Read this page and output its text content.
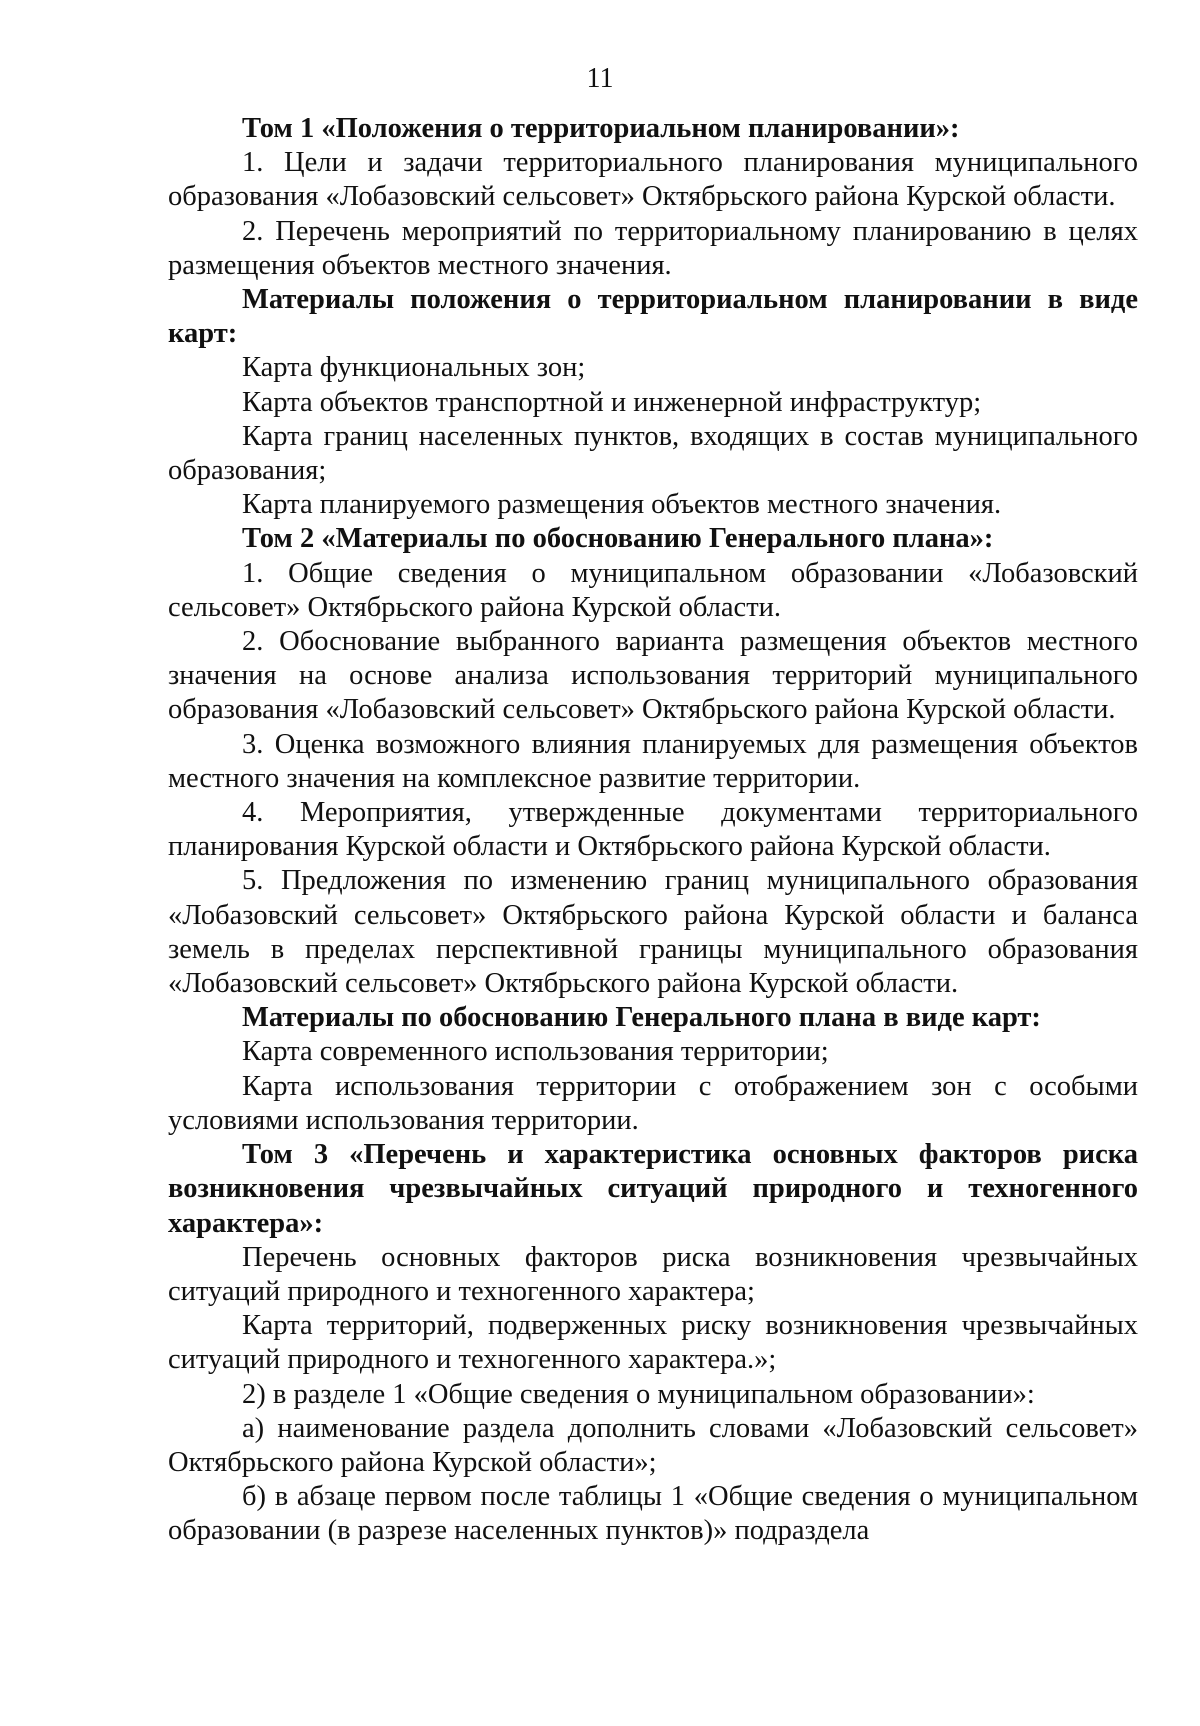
11

Том 1 «Положения о территориальном планировании»:

1. Цели и задачи территориального планирования муниципального образования «Лобазовский сельсовет» Октябрьского района Курской области.

2. Перечень мероприятий по территориальному планированию в целях размещения объектов местного значения.

Материалы положения о территориальном планировании в виде карт:

Карта функциональных зон;

Карта объектов транспортной и инженерной инфраструктур;

Карта границ населенных пунктов, входящих в состав муниципального образования;

Карта планируемого размещения объектов местного значения.

Том 2 «Материалы по обоснованию Генерального плана»:

1. Общие сведения о муниципальном образовании «Лобазовский сельсовет» Октябрьского района Курской области.

2. Обоснование выбранного варианта размещения объектов местного значения на основе анализа использования территорий муниципального образования «Лобазовский сельсовет» Октябрьского района Курской области.

3. Оценка возможного влияния планируемых для размещения объектов местного значения на комплексное развитие территории.

4. Мероприятия, утвержденные документами территориального планирования Курской области и Октябрьского района Курской области.

5. Предложения по изменению границ муниципального образования «Лобазовский сельсовет» Октябрьского района Курской области и баланса земель в пределах перспективной границы муниципального образования «Лобазовский сельсовет» Октябрьского района Курской области.

Материалы по обоснованию Генерального плана в виде карт:

Карта современного использования территории;

Карта использования территории с отображением зон с особыми условиями использования территории.

Том 3 «Перечень и характеристика основных факторов риска возникновения чрезвычайных ситуаций природного и техногенного характера»:

Перечень основных факторов риска возникновения чрезвычайных ситуаций природного и техногенного характера;

Карта территорий, подверженных риску возникновения чрезвычайных ситуаций природного и техногенного характера.»;

2) в разделе 1 «Общие сведения о муниципальном образовании»:

а) наименование раздела дополнить словами «Лобазовский сельсовет» Октябрьского района Курской области»;

б) в абзаце первом после таблицы 1 «Общие сведения о муниципальном образовании (в разрезе населенных пунктов)» подраздела
